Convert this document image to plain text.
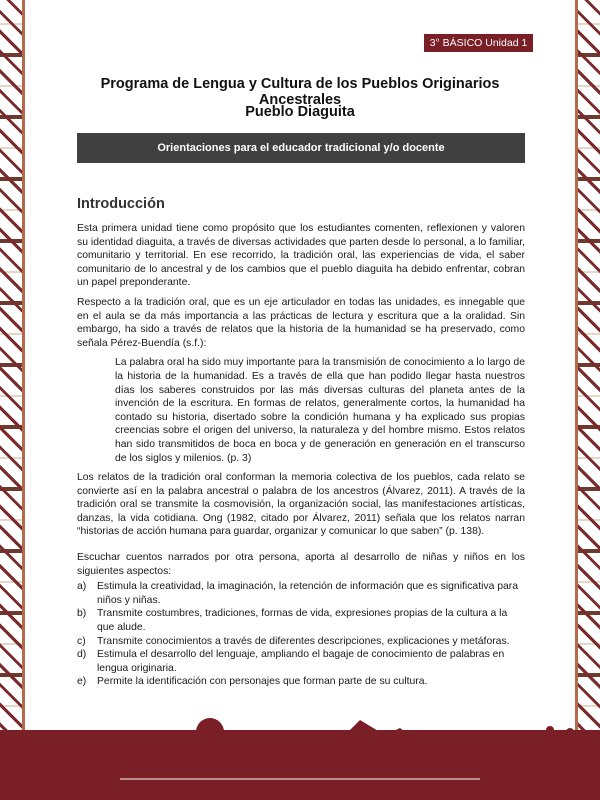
3° BÁSICO Unidad 1
Programa de Lengua y Cultura de los Pueblos Originarios Ancestrales
Pueblo Diaguita
Orientaciones para el educador tradicional y/o docente
Introducción

Esta primera unidad tiene como propósito que los estudiantes comenten, reflexionen y valoren su identidad diaguita, a través de diversas actividades que parten desde lo personal, a lo familiar, comunitario y territorial. En ese recorrido, la tradición oral, las experiencias de vida, el saber comunitario de lo ancestral y de los cambios que el pueblo diaguita ha debido enfrentar, cobran un papel preponderante.

Respecto a la tradición oral, que es un eje articulador en todas las unidades, es innegable que en el aula se da más importancia a las prácticas de lectura y escritura que a la oralidad. Sin embargo, ha sido a través de relatos que la historia de la humanidad se ha preservado, como señala Pérez-Buendía (s.f.):

La palabra oral ha sido muy importante para la transmisión de conocimiento a lo largo de la historia de la humanidad. Es a través de ella que han podido llegar hasta nuestros días los saberes construidos por las más diversas culturas del planeta antes de la invención de la escritura. En formas de relatos, generalmente cortos, la humanidad ha contado su historia, disertado sobre la condición humana y ha explicado sus propias creencias sobre el origen del universo, la naturaleza y del hombre mismo. Estos relatos han sido transmitidos de boca en boca y de generación en generación en el transcurso de los siglos y milenios. (p. 3)

Los relatos de la tradición oral conforman la memoria colectiva de los pueblos, cada relato se convierte así en la palabra ancestral o palabra de los ancestros (Álvarez, 2011). A través de la tradición oral se transmite la cosmovisión, la organización social, las manifestaciones artísticas, danzas, la vida cotidiana. Ong (1982, citado por Álvarez, 2011) señala que los relatos narran “historias de acción humana para guardar, organizar y comunicar lo que saben” (p. 138).

Escuchar cuentos narrados por otra persona, aporta al desarrollo de niñas y niños en los siguientes aspectos:

a)	Estimula la creatividad, la imaginación, la retención de información que es significativa para niños y niñas.
b)	Transmite costumbres, tradiciones, formas de vida, expresiones propias de la cultura a la que alude.
c)	Transmite conocimientos a través de diferentes descripciones, explicaciones y metáforas.
d)	Estimula el desarrollo del lenguaje, ampliando el bagaje de conocimiento de palabras en lengua originaria.
e)	Permite la identificación con personajes que forman parte de su cultura.
